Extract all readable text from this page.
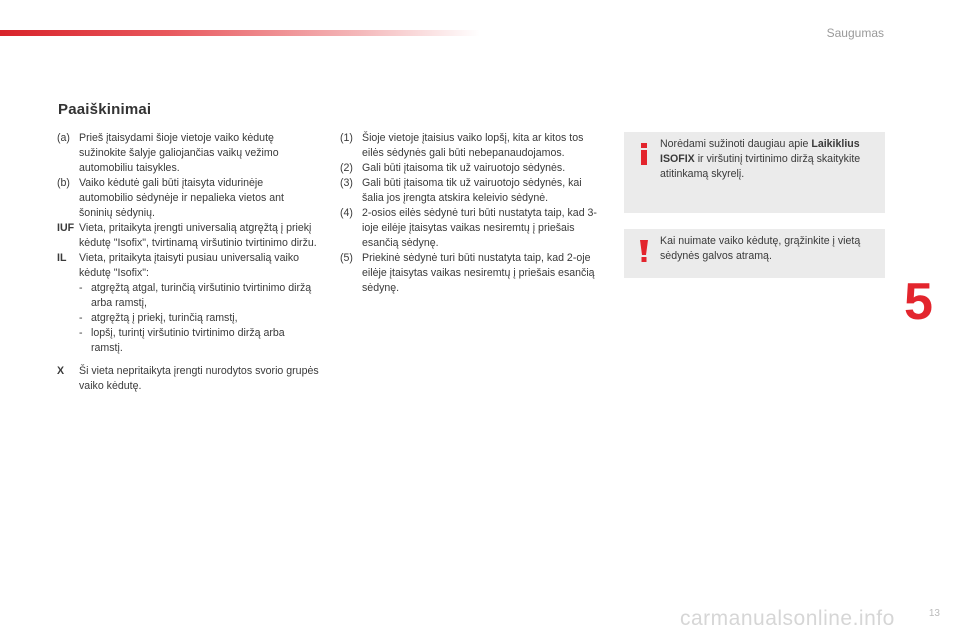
Saugumas
Paaiškinimai
(a) Prieš įtaisydami šioje vietoje vaiko kėdutę sužinokite šalyje galiojančias vaikų vežimo automobiliu taisykles.
(b) Vaiko kėdutė gali būti įtaisyta vidurinėje automobilio sėdynėje ir nepalieka vietos ant šoninių sėdynių.
IUF Vieta, pritaikyta įrengti universalią atgręžtą į priekį kėdutę "Isofix", tvirtinamą viršutinio tvirtinimo diržu.
IL	Vieta, pritaikyta įtaisyti pusiau universalią vaiko kėdutę "Isofix":
- atgręžtą atgal, turinčią viršutinio tvirtinimo diržą arba ramstį,
- atgręžtą į priekį, turinčią ramstį,
- lopšį, turintį viršutinio tvirtinimo diržą arba ramstį.
X	Ši vieta nepritaikyta įrengti nurodytos svorio grupės vaiko kėdutę.
(1) Šioje vietoje įtaisius vaiko lopšį, kita ar kitos tos eilės sėdynės gali būti nebepanaudojamos.
(2) Gali būti įtaisoma tik už vairuotojo sėdynės.
(3) Gali būti įtaisoma tik už vairuotojo sėdynės, kai šalia jos įrengta atskira keleivio sėdynė.
(4) 2-osios eilės sėdynė turi būti nustatyta taip, kad 3-ioje eilėje įtaisytas vaikas nesiremtų į priešais esančią sėdynę.
(5) Priekinė sėdynė turi būti nustatyta taip, kad 2-oje eilėje įtaisytas vaikas nesiremtų į priešais esančią sėdynę.
Norėdami sužinoti daugiau apie Laikiklius ISOFIX ir viršutinį tvirtinimo diržą skaitykite atitinkamą skyrelį.
Kai nuimate vaiko kėdutę, grąžinkite į vietą sėdynės galvos atramą.
5
carmanualsonline.info	13
